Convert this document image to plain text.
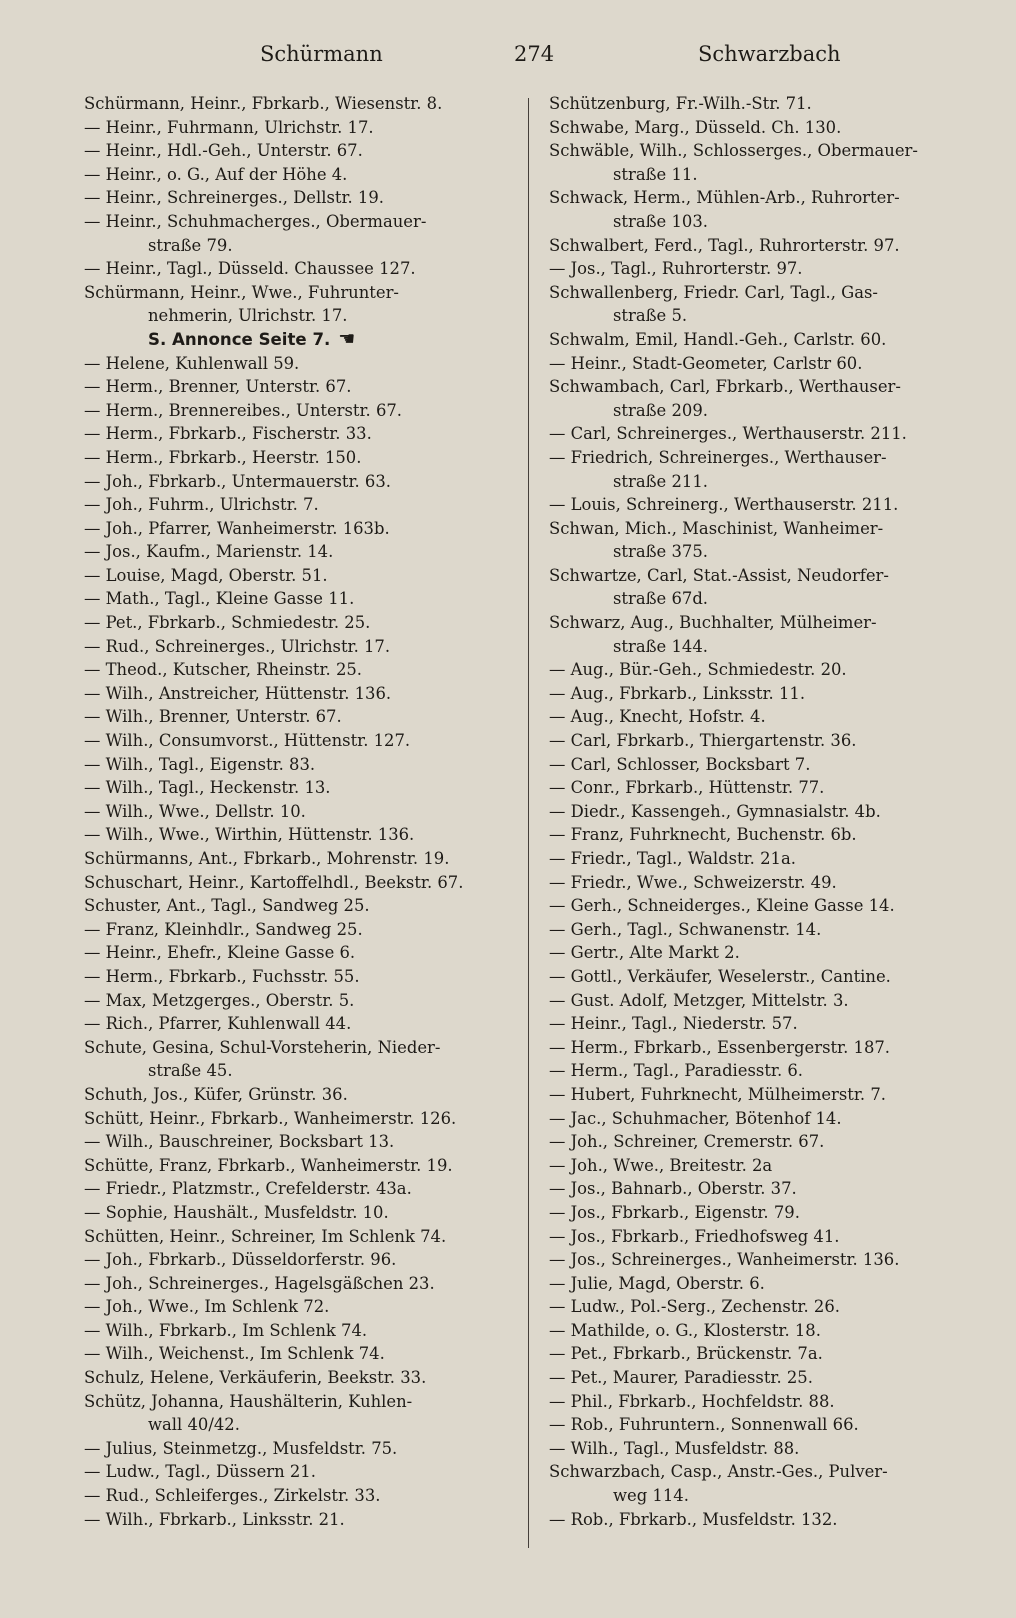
Schürmann	274	Schwarzbach
Schürmann, Heinr., Fbrkarb., Wiesenstr. 8.
— Heinr., Fuhrmann, Ulrichstr. 17.
— Heinr., Hdl.-Geh., Unterstr. 67.
— Heinr., o. G., Auf der Höhe 4.
— Heinr., Schreinerges., Dellstr. 19.
— Heinr., Schuhmacherges., Obermauer-
straße 79.
— Heinr., Tagl., Düsseld. Chaussee 127.
Schürmann, Heinr., Wwe., Fuhrunter-
nehmerin, Ulrichstr. 17.
S. Annonce Seite 7. ☚
— Helene, Kuhlenwall 59.
— Herm., Brenner, Unterstr. 67.
— Herm., Brennereibes., Unterstr. 67.
— Herm., Fbrkarb., Fischerstr. 33.
— Herm., Fbrkarb., Heerstr. 150.
— Joh., Fbrkarb., Untermauerstr. 63.
— Joh., Fuhrm., Ulrichstr. 7.
— Joh., Pfarrer, Wanheimerstr. 163b.
— Jos., Kaufm., Marienstr. 14.
— Louise, Magd, Oberstr. 51.
— Math., Tagl., Kleine Gasse 11.
— Pet., Fbrkarb., Schmiedestr. 25.
— Rud., Schreinerges., Ulrichstr. 17.
— Theod., Kutscher, Rheinstr. 25.
— Wilh., Anstreicher, Hüttenstr. 136.
— Wilh., Brenner, Unterstr. 67.
— Wilh., Consumvorst., Hüttenstr. 127.
— Wilh., Tagl., Eigenstr. 83.
— Wilh., Tagl., Heckenstr. 13.
— Wilh., Wwe., Dellstr. 10.
— Wilh., Wwe., Wirthin, Hüttenstr. 136.
Schürmanns, Ant., Fbrkarb., Mohrenstr. 19.
Schuschart, Heinr., Kartoffelhdl., Beekstr. 67.
Schuster, Ant., Tagl., Sandweg 25.
— Franz, Kleinhdlr., Sandweg 25.
— Heinr., Ehefr., Kleine Gasse 6.
— Herm., Fbrkarb., Fuchsstr. 55.
— Max, Metzgerges., Oberstr. 5.
— Rich., Pfarrer, Kuhlenwall 44.
Schute, Gesina, Schul-Vorsteherin, Nieder-
straße 45.
Schuth, Jos., Küfer, Grünstr. 36.
Schütt, Heinr., Fbrkarb., Wanheimerstr. 126.
— Wilh., Bauschreiner, Bocksbart 13.
Schütte, Franz, Fbrkarb., Wanheimerstr. 19.
— Friedr., Platzmstr., Crefelderstr. 43a.
— Sophie, Haushält., Musfeldstr. 10.
Schütten, Heinr., Schreiner, Im Schlenk 74.
— Joh., Fbrkarb., Düsseldorferstr. 96.
— Joh., Schreinerges., Hagelsgäßchen 23.
— Joh., Wwe., Im Schlenk 72.
— Wilh., Fbrkarb., Im Schlenk 74.
— Wilh., Weichenst., Im Schlenk 74.
Schulz, Helene, Verkäuferin, Beekstr. 33.
Schütz, Johanna, Haushälterin, Kuhlen-
wall 40/42.
— Julius, Steinmetzg., Musfeldstr. 75.
— Ludw., Tagl., Düssern 21.
— Rud., Schleiferges., Zirkelstr. 33.
— Wilh., Fbrkarb., Linksstr. 21.
Schützenburg, Fr.-Wilh.-Str. 71.
Schwabe, Marg., Düsseld. Ch. 130.
Schwäble, Wilh., Schlosserges., Obermauer-
straße 11.
Schwack, Herm., Mühlen-Arb., Ruhrorter-
straße 103.
Schwalbert, Ferd., Tagl., Ruhrorterstr. 97.
— Jos., Tagl., Ruhrorterstr. 97.
Schwallenberg, Friedr. Carl, Tagl., Gas-
straße 5.
Schwalm, Emil, Handl.-Geh., Carlstr. 60.
— Heinr., Stadt-Geometer, Carlstr 60.
Schwambach, Carl, Fbrkarb., Werthauser-
straße 209.
— Carl, Schreinerges., Werthauserstr. 211.
— Friedrich, Schreinerges., Werthauser-
straße 211.
— Louis, Schreinerg., Werthauserstr. 211.
Schwan, Mich., Maschinist, Wanheimer-
straße 375.
Schwartze, Carl, Stat.-Assist, Neudorfer-
straße 67d.
Schwarz, Aug., Buchhalter, Mülheimer-
straße 144.
— Aug., Bür.-Geh., Schmiedestr. 20.
— Aug., Fbrkarb., Linksstr. 11.
— Aug., Knecht, Hofstr. 4.
— Carl, Fbrkarb., Thiergartenstr. 36.
— Carl, Schlosser, Bocksbart 7.
— Conr., Fbrkarb., Hüttenstr. 77.
— Diedr., Kassengeh., Gymnasialstr. 4b.
— Franz, Fuhrknecht, Buchenstr. 6b.
— Friedr., Tagl., Waldstr. 21a.
— Friedr., Wwe., Schweizerstr. 49.
— Gerh., Schneiderges., Kleine Gasse 14.
— Gerh., Tagl., Schwanenstr. 14.
— Gertr., Alte Markt 2.
— Gottl., Verkäufer, Weselerstr., Cantine.
— Gust. Adolf, Metzger, Mittelstr. 3.
— Heinr., Tagl., Niederstr. 57.
— Herm., Fbrkarb., Essenbergerstr. 187.
— Herm., Tagl., Paradiesstr. 6.
— Hubert, Fuhrknecht, Mülheimerstr. 7.
— Jac., Schuhmacher, Bötenhof 14.
— Joh., Schreiner, Cremerstr. 67.
— Joh., Wwe., Breitestr. 2a
— Jos., Bahnarb., Oberstr. 37.
— Jos., Fbrkarb., Eigenstr. 79.
— Jos., Fbrkarb., Friedhofsweg 41.
— Jos., Schreinerges., Wanheimerstr. 136.
— Julie, Magd, Oberstr. 6.
— Ludw., Pol.-Serg., Zechenstr. 26.
— Mathilde, o. G., Klosterstr. 18.
— Pet., Fbrkarb., Brückenstr. 7a.
— Pet., Maurer, Paradiesstr. 25.
— Phil., Fbrkarb., Hochfeldstr. 88.
— Rob., Fuhruntern., Sonnenwall 66.
— Wilh., Tagl., Musfeldstr. 88.
Schwarzbach, Casp., Anstr.-Ges., Pulver-
weg 114.
— Rob., Fbrkarb., Musfeldstr. 132.
